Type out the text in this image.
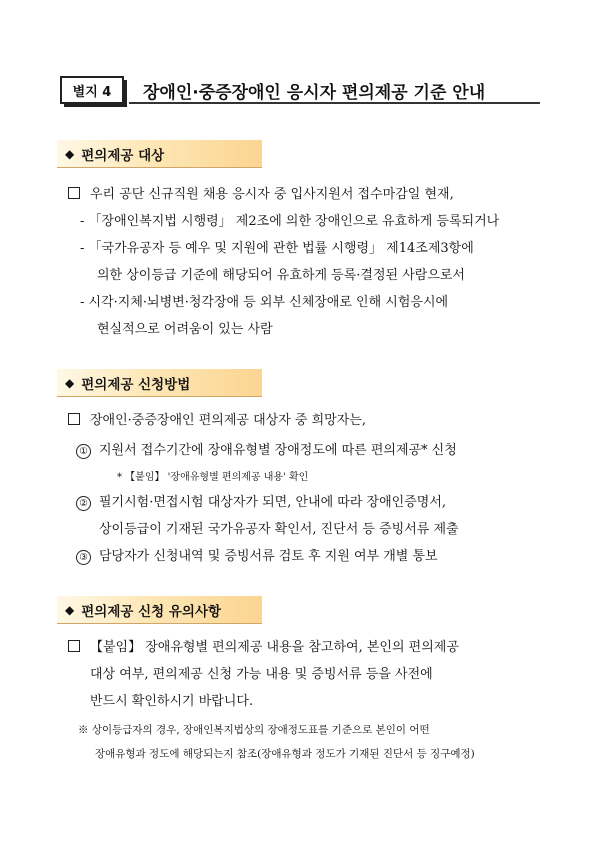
별지 4	장애인·중증장애인 응시자 편의제공 기준 안내
◆ 편의제공 대상
우리 공단 신규직원 채용 응시자 중 입사지원서 접수마감일 현재,
- 「장애인복지법 시행령」 제2조에 의한 장애인으로 유효하게 등록되거나
- 「국가유공자 등 예우 및 지원에 관한 법률 시행령」 제14조제3항에
의한 상이등급 기준에 해당되어 유효하게 등록·결정된 사람으로서
- 시각·지체·뇌병변·청각장애 등 외부 신체장애로 인해 시험응시에
현실적으로 어려움이 있는 사람
◆ 편의제공 신청방법
장애인·중증장애인 편의제공 대상자 중 희망자는,
① 지원서 접수기간에 장애유형별 장애정도에 따른 편의제공* 신청
* 【붙임】 '장애유형별 편의제공 내용' 확인
② 필기시험·면접시험 대상자가 되면, 안내에 따라 장애인증명서,
상이등급이 기재된 국가유공자 확인서, 진단서 등 증빙서류 제출
③ 담당자가 신청내역 및 증빙서류 검토 후 지원 여부 개별 통보
◆ 편의제공 신청 유의사항
【붙임】 장애유형별 편의제공 내용을 참고하여, 본인의 편의제공
대상 여부, 편의제공 신청 가능 내용 및 증빙서류 등을 사전에
반드시 확인하시기 바랍니다.
※ 상이등급자의 경우, 장애인복지법상의 장애정도표를 기준으로 본인이 어떤
장애유형과 정도에 해당되는지 참조(장애유형과 정도가 기재된 진단서 등 징구예정)
